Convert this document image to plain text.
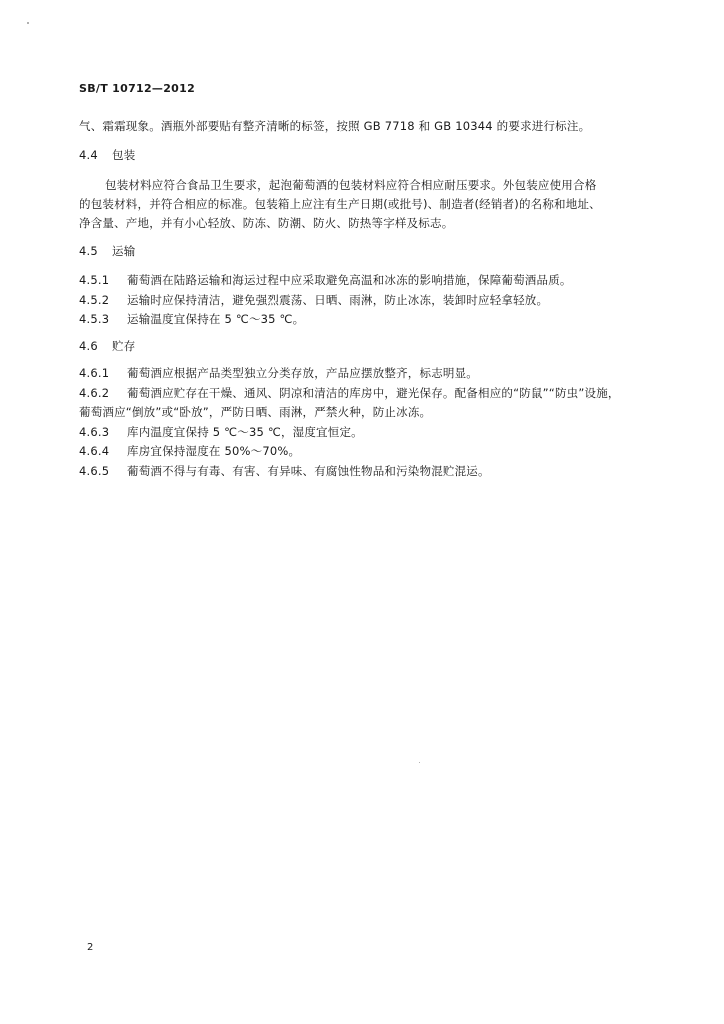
SB/T 10712—2012
气、霜霜现象。酒瓶外部要贴有整齐清晰的标签，按照 GB 7718 和 GB 10344 的要求进行标注。
4.4 包装
包装材料应符合食品卫生要求，起泡葡萄酒的包装材料应符合相应耐压要求。外包装应使用合格
的包装材料，并符合相应的标准。包装箱上应注有生产日期(或批号)、制造者(经销者)的名称和地址、
净含量、产地，并有小心轻放、防冻、防潮、防火、防热等字样及标志。
4.5 运输
4.5.1 葡萄酒在陆路运输和海运过程中应采取避免高温和冰冻的影响措施，保障葡萄酒品质。
4.5.2 运输时应保持清洁，避免强烈震荡、日晒、雨淋，防止冰冻，装卸时应轻拿轻放。
4.5.3 运输温度宜保持在 5 ℃～35 ℃。
4.6 贮存
4.6.1 葡萄酒应根据产品类型独立分类存放，产品应摆放整齐，标志明显。
4.6.2 葡萄酒应贮存在干燥、通风、阴凉和清洁的库房中，避光保存。配备相应的“防鼠”“防虫”设施，
葡萄酒应“倒放”或“卧放”，严防日晒、雨淋，严禁火种，防止冰冻。
4.6.3 库内温度宜保持 5 ℃～35 ℃，湿度宜恒定。
4.6.4 库房宜保持湿度在 50%～70%。
4.6.5 葡萄酒不得与有毒、有害、有异味、有腐蚀性物品和污染物混贮混运。
2
